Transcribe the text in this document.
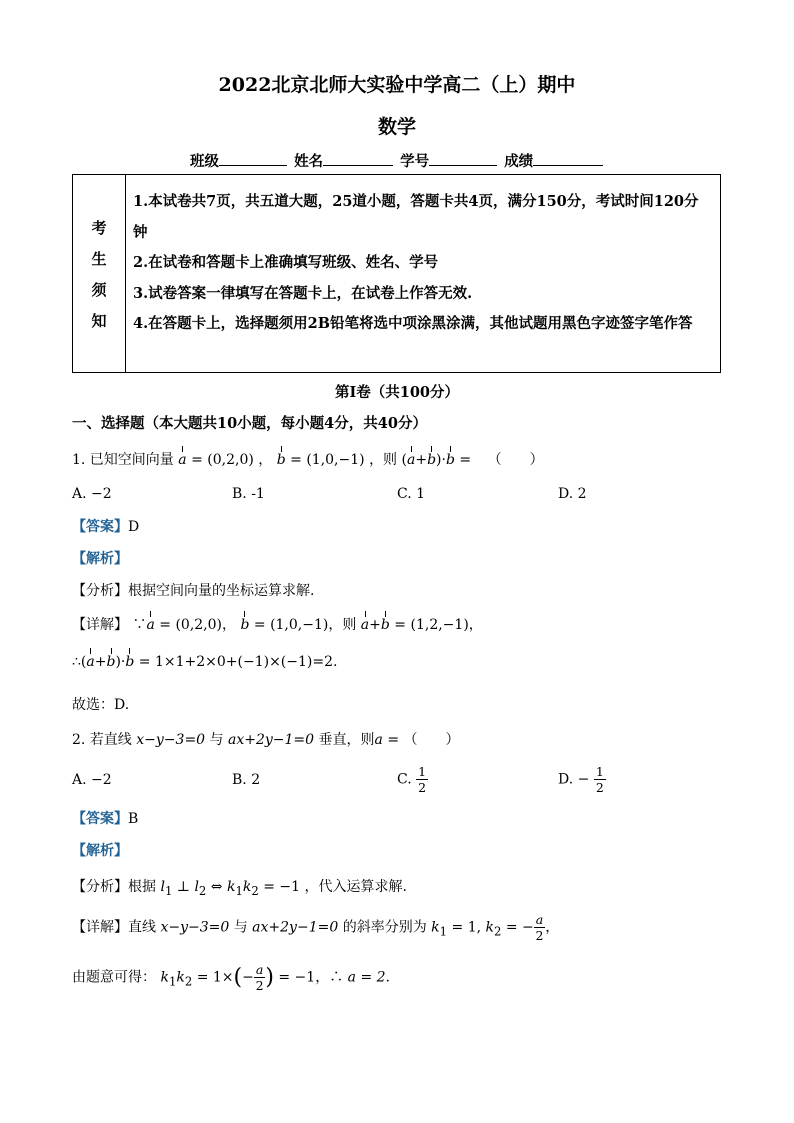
2022北京北师大实验中学高二（上）期中
数学
班级	姓名	学号	成绩
考
生
须
知
1.本试卷共7页，共五道大题，25道小题，答题卡共4页，满分150分，考试时间120分钟
2.在试卷和答题卡上准确填写班级、姓名、学号
3.试卷答案一律填写在答题卡上，在试卷上作答无效.
4.在答题卡上，选择题须用2B铅笔将选中项涂黑涂满，其他试题用黑色字迹签字笔作答
第I卷（共100分）
一、选择题（本大题共10小题，每小题4分，共40分）
1. 已知空间向量 a = (0,2,0) ， b = (1,0,−1) ，则 (a+b)·b = （　　）
A. −2	B. -1	C. 1	D. 2
【答案】D
【解析】
【分析】根据空间向量的坐标运算求解.
【详解】 ∵a = (0,2,0)， b = (1,0,−1)，则 a+b = (1,2,−1)，
∴(a+b)·b = 1×1+2×0+(−1)×(−1)=2.
故选：D.
2. 若直线 x−y−3=0 与 ax+2y−1=0 垂直，则a = （　　）
A. −2	B. 2	C. $\frac{1}{2}$	D. − $\frac{1}{2}$
【答案】B
【解析】
【分析】根据 $l_1$ ⊥ $l_2$ ⇔ $k_1k_2 = -1$ ，代入运算求解.
【详解】直线 x−y−3=0 与 ax+2y−1=0 的斜率分别为 $k_1 = 1$, $k_2$ = − $\frac{a}{2}$ ，
由题意可得： $k_1k_2 = 1\times(- \frac{a}{2}$ ) = −1，∴ a = 2.
